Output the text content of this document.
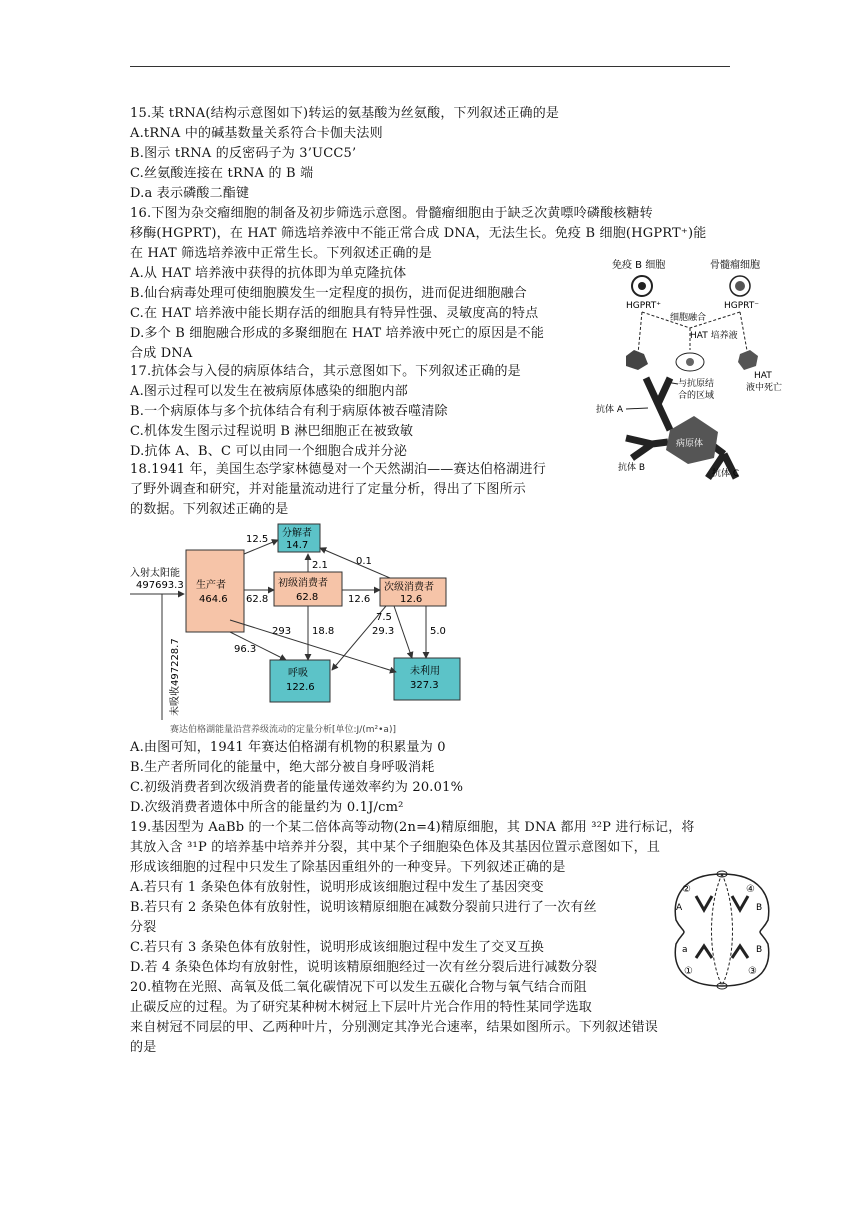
15.某 tRNA(结构示意图如下)转运的氨基酸为丝氨酸，下列叙述正确的是
A.tRNA 中的碱基数量关系符合卡伽夫法则
B.图示 tRNA 的反密码子为 3’UCC5’
C.丝氨酸连接在 tRNA 的 B 端
D.a 表示磷酸二酯键
16.下图为杂交瘤细胞的制备及初步筛选示意图。骨髓瘤细胞由于缺乏次黄嘌呤磷酸核糖转
移酶(HGPRT)，在 HAT 筛选培养液中不能正常合成 DNA，无法生长。免疫 B 细胞(HGPRT⁺)能
在 HAT 筛选培养液中正常生长。下列叙述正确的是
A.从 HAT 培养液中获得的抗体即为单克隆抗体
B.仙台病毒处理可使细胞膜发生一定程度的损伤，进而促进细胞融合
C.在 HAT 培养液中能长期存活的细胞具有特异性强、灵敏度高的特点
D.多个 B 细胞融合形成的多聚细胞在 HAT 培养液中死亡的原因是不能
合成 DNA
免疫 B 细胞	骨髓瘤细胞
HGPRT⁺	HGPRT⁻
细胞融合
HAT 培养液
HAT
液中死亡
17.抗体会与入侵的病原体结合，其示意图如下。下列叙述正确的是
A.图示过程可以发生在被病原体感染的细胞内部
B.一个病原体与多个抗体结合有利于病原体被吞噬清除
C.机体发生图示过程说明 B 淋巴细胞正在被致敏
D.抗体 A、B、C 可以由同一个细胞合成并分泌	病原体
与抗原结
合的区域
抗体 A
抗体 B
抗体 C
18.1941 年，美国生态学家林德曼对一个天然湖泊——赛达伯格湖进行
了野外调查和研究，并对能量流动进行了定量分析，得出了下图所示
的数据。下列叙述正确的是
入射太阳能
497693.3
未吸收497228.7
生产者
464.6
分解者
14.7
初级消费者
62.8
次级消费者
12.6
呼吸
122.6
未利用
327.3
12.5
2.1	0.1
62.8	12.6
7.5
293 18.8	29.3	5.0
96.3
赛达伯格湖能量沿营养级流动的定量分析[单位:J/(m²•a)]
A.由图可知，1941 年赛达伯格湖有机物的积累量为 0
B.生产者所同化的能量中，绝大部分被自身呼吸消耗
C.初级消费者到次级消费者的能量传递效率约为 20.01%
D.次级消费者遗体中所含的能量约为 0.1J/cm²
19.基因型为 AaBb 的一个某二倍体高等动物(2n=4)精原细胞，其 DNA 都用 ³²P 进行标记，将
其放入含 ³¹P 的培养基中培养并分裂，其中某个子细胞染色体及其基因位置示意图如下，且
形成该细胞的过程中只发生了除基因重组外的一种变异。下列叙述正确的是
A.若只有 1 条染色体有放射性，说明形成该细胞过程中发生了基因突变
B.若只有 2 条染色体有放射性，说明该精原细胞在减数分裂前只进行了一次有丝
分裂
C.若只有 3 条染色体有放射性，说明形成该细胞过程中发生了交叉互换
D.若 4 条染色体均有放射性，说明该精原细胞经过一次有丝分裂后进行减数分裂
②
A
④
B
a
①
B
③
20.植物在光照、高氧及低二氧化碳情况下可以发生五碳化合物与氧气结合而阻
止碳反应的过程。为了研究某种树木树冠上下层叶片光合作用的特性某同学选取
来自树冠不同层的甲、乙两种叶片，分别测定其净光合速率，结果如图所示。下列叙述错误
的是
